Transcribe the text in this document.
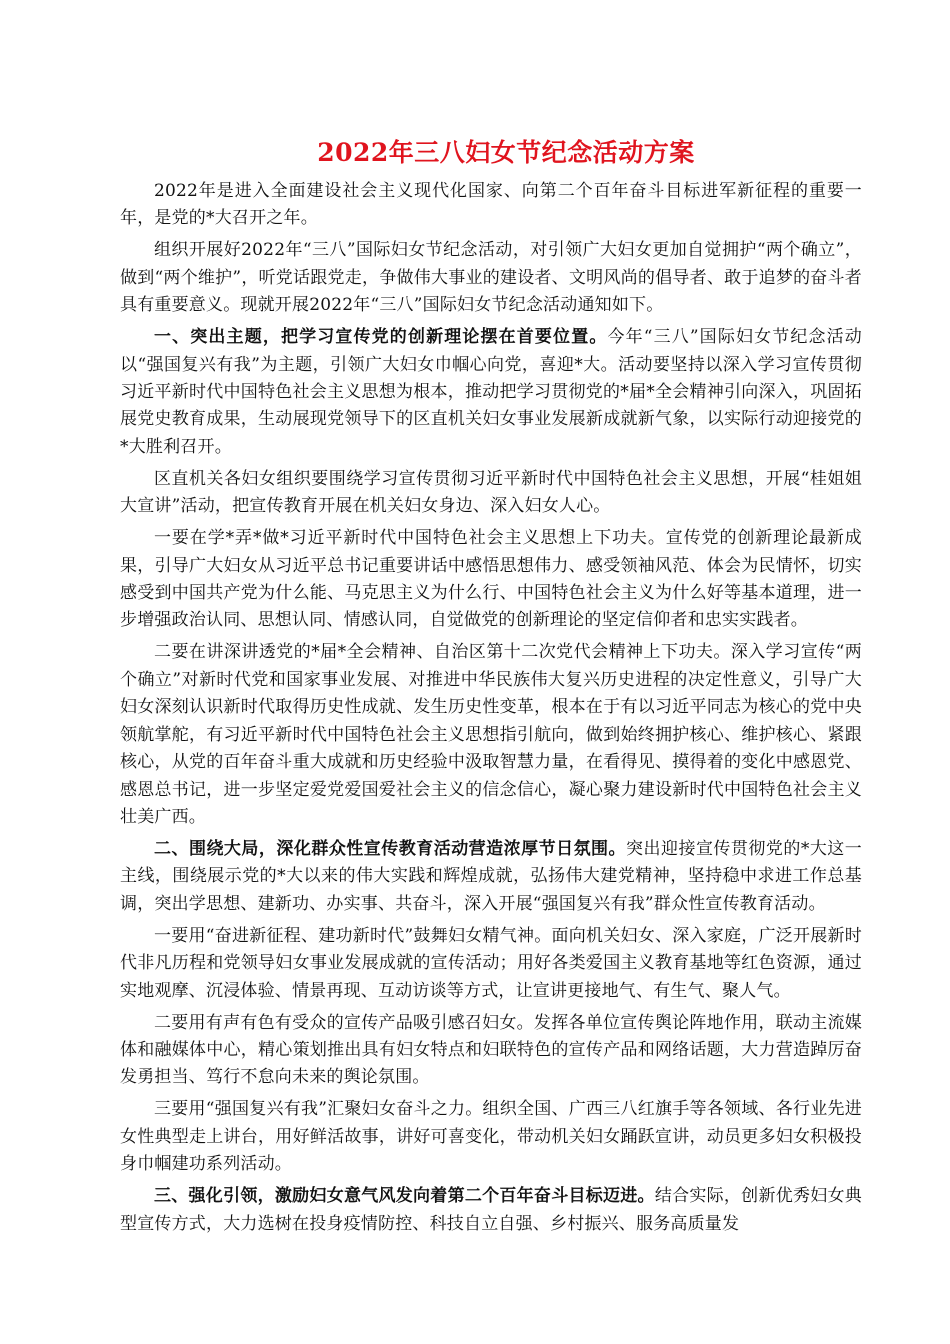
2022年三八妇女节纪念活动方案

2022年是进入全面建设社会主义现代化国家、向第二个百年奋斗目标进军新征程的重要一年，是党的*大召开之年。

组织开展好2022年“三八”国际妇女节纪念活动，对引领广大妇女更加自觉拥护“两个确立”，做到“两个维护”，听党话跟党走，争做伟大事业的建设者、文明风尚的倡导者、敢于追梦的奋斗者具有重要意义。现就开展2022年“三八”国际妇女节纪念活动通知如下。

一、突出主题，把学习宣传党的创新理论摆在首要位置。今年“三八”国际妇女节纪念活动以“强国复兴有我”为主题，引领广大妇女巾帼心向党，喜迎*大。活动要坚持以深入学习宣传贯彻习近平新时代中国特色社会主义思想为根本，推动把学习贯彻党的*届*全会精神引向深入，巩固拓展党史教育成果，生动展现党领导下的区直机关妇女事业发展新成就新气象，以实际行动迎接党的*大胜利召开。

区直机关各妇女组织要围绕学习宣传贯彻习近平新时代中国特色社会主义思想，开展“桂姐姐大宣讲”活动，把宣传教育开展在机关妇女身边、深入妇女人心。

一要在学*弄*做*习近平新时代中国特色社会主义思想上下功夫。宣传党的创新理论最新成果，引导广大妇女从习近平总书记重要讲话中感悟思想伟力、感受领袖风范、体会为民情怀，切实感受到中国共产党为什么能、马克思主义为什么行、中国特色社会主义为什么好等基本道理，进一步增强政治认同、思想认同、情感认同，自觉做党的创新理论的坚定信仰者和忠实实践者。

二要在讲深讲透党的*届*全会精神、自治区第十二次党代会精神上下功夫。深入学习宣传“两个确立”对新时代党和国家事业发展、对推进中华民族伟大复兴历史进程的决定性意义，引导广大妇女深刻认识新时代取得历史性成就、发生历史性变革，根本在于有以习近平同志为核心的党中央领航掌舵，有习近平新时代中国特色社会主义思想指引航向，做到始终拥护核心、维护核心、紧跟核心，从党的百年奋斗重大成就和历史经验中汲取智慧力量，在看得见、摸得着的变化中感恩党、感恩总书记，进一步坚定爱党爱国爱社会主义的信念信心，凝心聚力建设新时代中国特色社会主义壮美广西。

二、围绕大局，深化群众性宣传教育活动营造浓厚节日氛围。突出迎接宣传贯彻党的*大这一主线，围绕展示党的*大以来的伟大实践和辉煌成就，弘扬伟大建党精神，坚持稳中求进工作总基调，突出学思想、建新功、办实事、共奋斗，深入开展“强国复兴有我”群众性宣传教育活动。

一要用“奋进新征程、建功新时代”鼓舞妇女精气神。面向机关妇女、深入家庭，广泛开展新时代非凡历程和党领导妇女事业发展成就的宣传活动；用好各类爱国主义教育基地等红色资源，通过实地观摩、沉浸体验、情景再现、互动访谈等方式，让宣讲更接地气、有生气、聚人气。

二要用有声有色有受众的宣传产品吸引感召妇女。发挥各单位宣传舆论阵地作用，联动主流媒体和融媒体中心，精心策划推出具有妇女特点和妇联特色的宣传产品和网络话题，大力营造踔厉奋发勇担当、笃行不怠向未来的舆论氛围。

三要用“强国复兴有我”汇聚妇女奋斗之力。组织全国、广西三八红旗手等各领域、各行业先进女性典型走上讲台，用好鲜活故事，讲好可喜变化，带动机关妇女踊跃宣讲，动员更多妇女积极投身巾帼建功系列活动。

三、强化引领，激励妇女意气风发向着第二个百年奋斗目标迈进。结合实际，创新优秀妇女典型宣传方式，大力选树在投身疫情防控、科技自立自强、乡村振兴、服务高质量发
